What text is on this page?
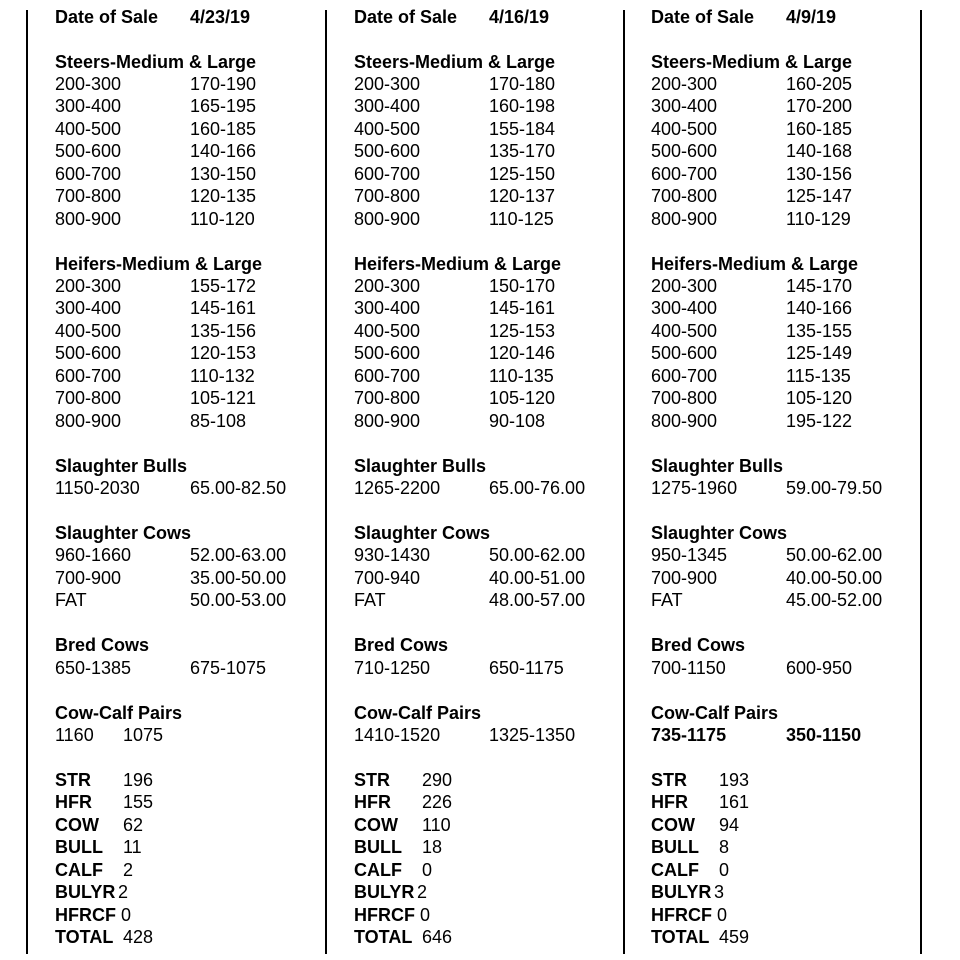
Date of Sale 4/23/19
Steers-Medium & Large
200-300	170-190
300-400	165-195
400-500	160-185
500-600	140-166
600-700	130-150
700-800	120-135
800-900	110-120
Heifers-Medium & Large
200-300	155-172
300-400	145-161
400-500	135-156
500-600	120-153
600-700	110-132
700-800	105-121
800-900	85-108
Slaughter Bulls
1150-2030	65.00-82.50
Slaughter Cows
960-1660	52.00-63.00
700-900	35.00-50.00
FAT	50.00-53.00
Bred Cows
650-1385	675-1075
Cow-Calf Pairs
1160 1075
STR 196
HFR 155
COW 62
BULL 11
CALF 2
BULYR 2
HFRCF 0
TOTAL 428
Date of Sale 4/16/19
Steers-Medium & Large
200-300	170-180
300-400	160-198
400-500	155-184
500-600	135-170
600-700	125-150
700-800	120-137
800-900	110-125
Heifers-Medium & Large
200-300	150-170
300-400	145-161
400-500	125-153
500-600	120-146
600-700	110-135
700-800	105-120
800-900	90-108
Slaughter Bulls
1265-2200	65.00-76.00
Slaughter Cows
930-1430	50.00-62.00
700-940	40.00-51.00
FAT	48.00-57.00
Bred Cows
710-1250	650-1175
Cow-Calf Pairs
1410-1520	1325-1350
STR 290
HFR 226
COW 110
BULL 18
CALF 0
BULYR 2
HFRCF 0
TOTAL 646
Date of Sale 4/9/19
Steers-Medium & Large
200-300	160-205
300-400	170-200
400-500	160-185
500-600	140-168
600-700	130-156
700-800	125-147
800-900	110-129
Heifers-Medium & Large
200-300	145-170
300-400	140-166
400-500	135-155
500-600	125-149
600-700	115-135
700-800	105-120
800-900	195-122
Slaughter Bulls
1275-1960	59.00-79.50
Slaughter Cows
950-1345	50.00-62.00
700-900	40.00-50.00
FAT	45.00-52.00
Bred Cows
700-1150	600-950
Cow-Calf Pairs
735-1175	350-1150
STR 193
HFR 161
COW 94
BULL 8
CALF 0
BULYR 3
HFRCF 0
TOTAL 459
